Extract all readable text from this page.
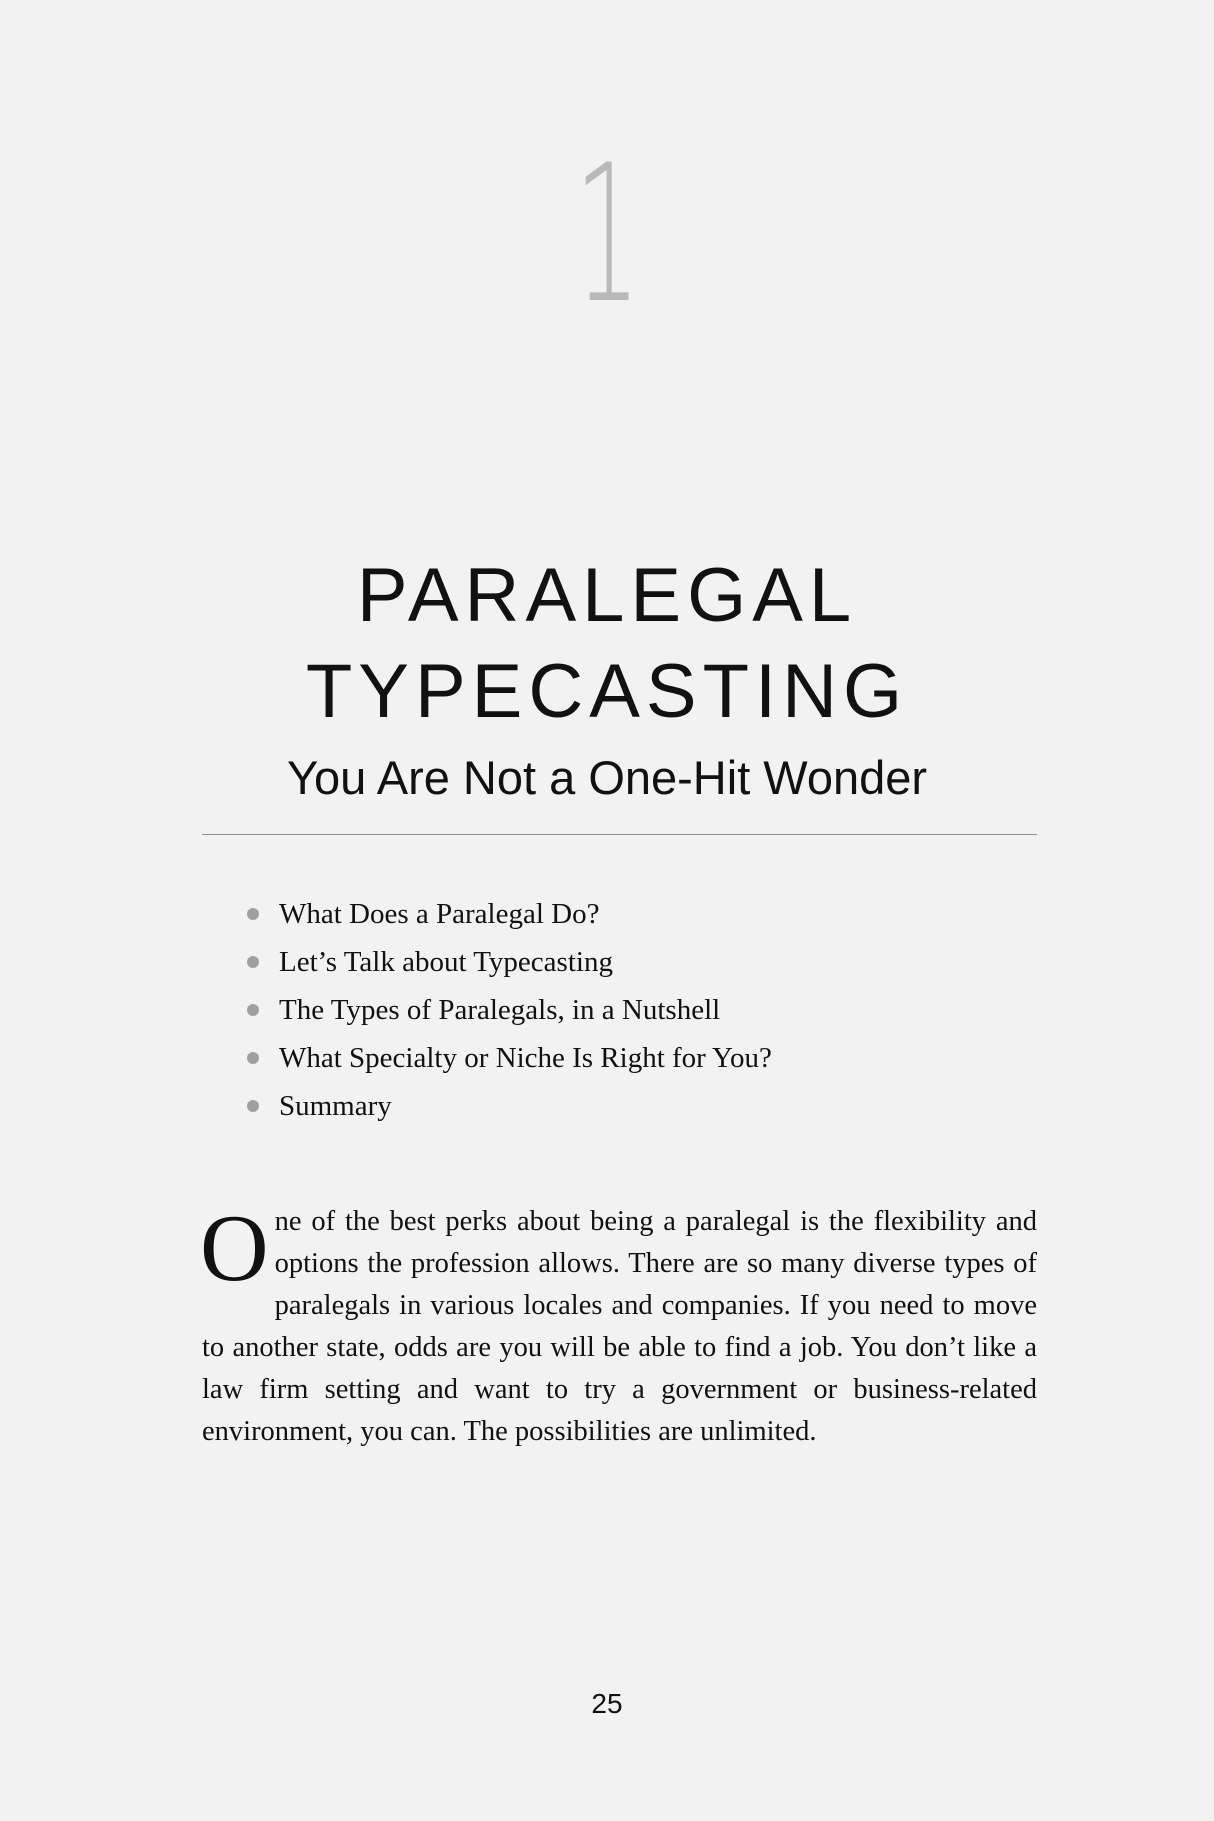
1
PARALEGAL
TYPECASTING
You Are Not a One-Hit Wonder
What Does a Paralegal Do?
Let’s Talk about Typecasting
The Types of Paralegals, in a Nutshell
What Specialty or Niche Is Right for You?
Summary

One of the best perks about being a paralegal is the flexibility and options the profession allows. There are so many diverse types of paralegals in various locales and companies. If you need to move to another state, odds are you will be able to find a job. You don’t like a law firm setting and want to try a government or business-related environment, you can. The possibilities are unlimited.

25
